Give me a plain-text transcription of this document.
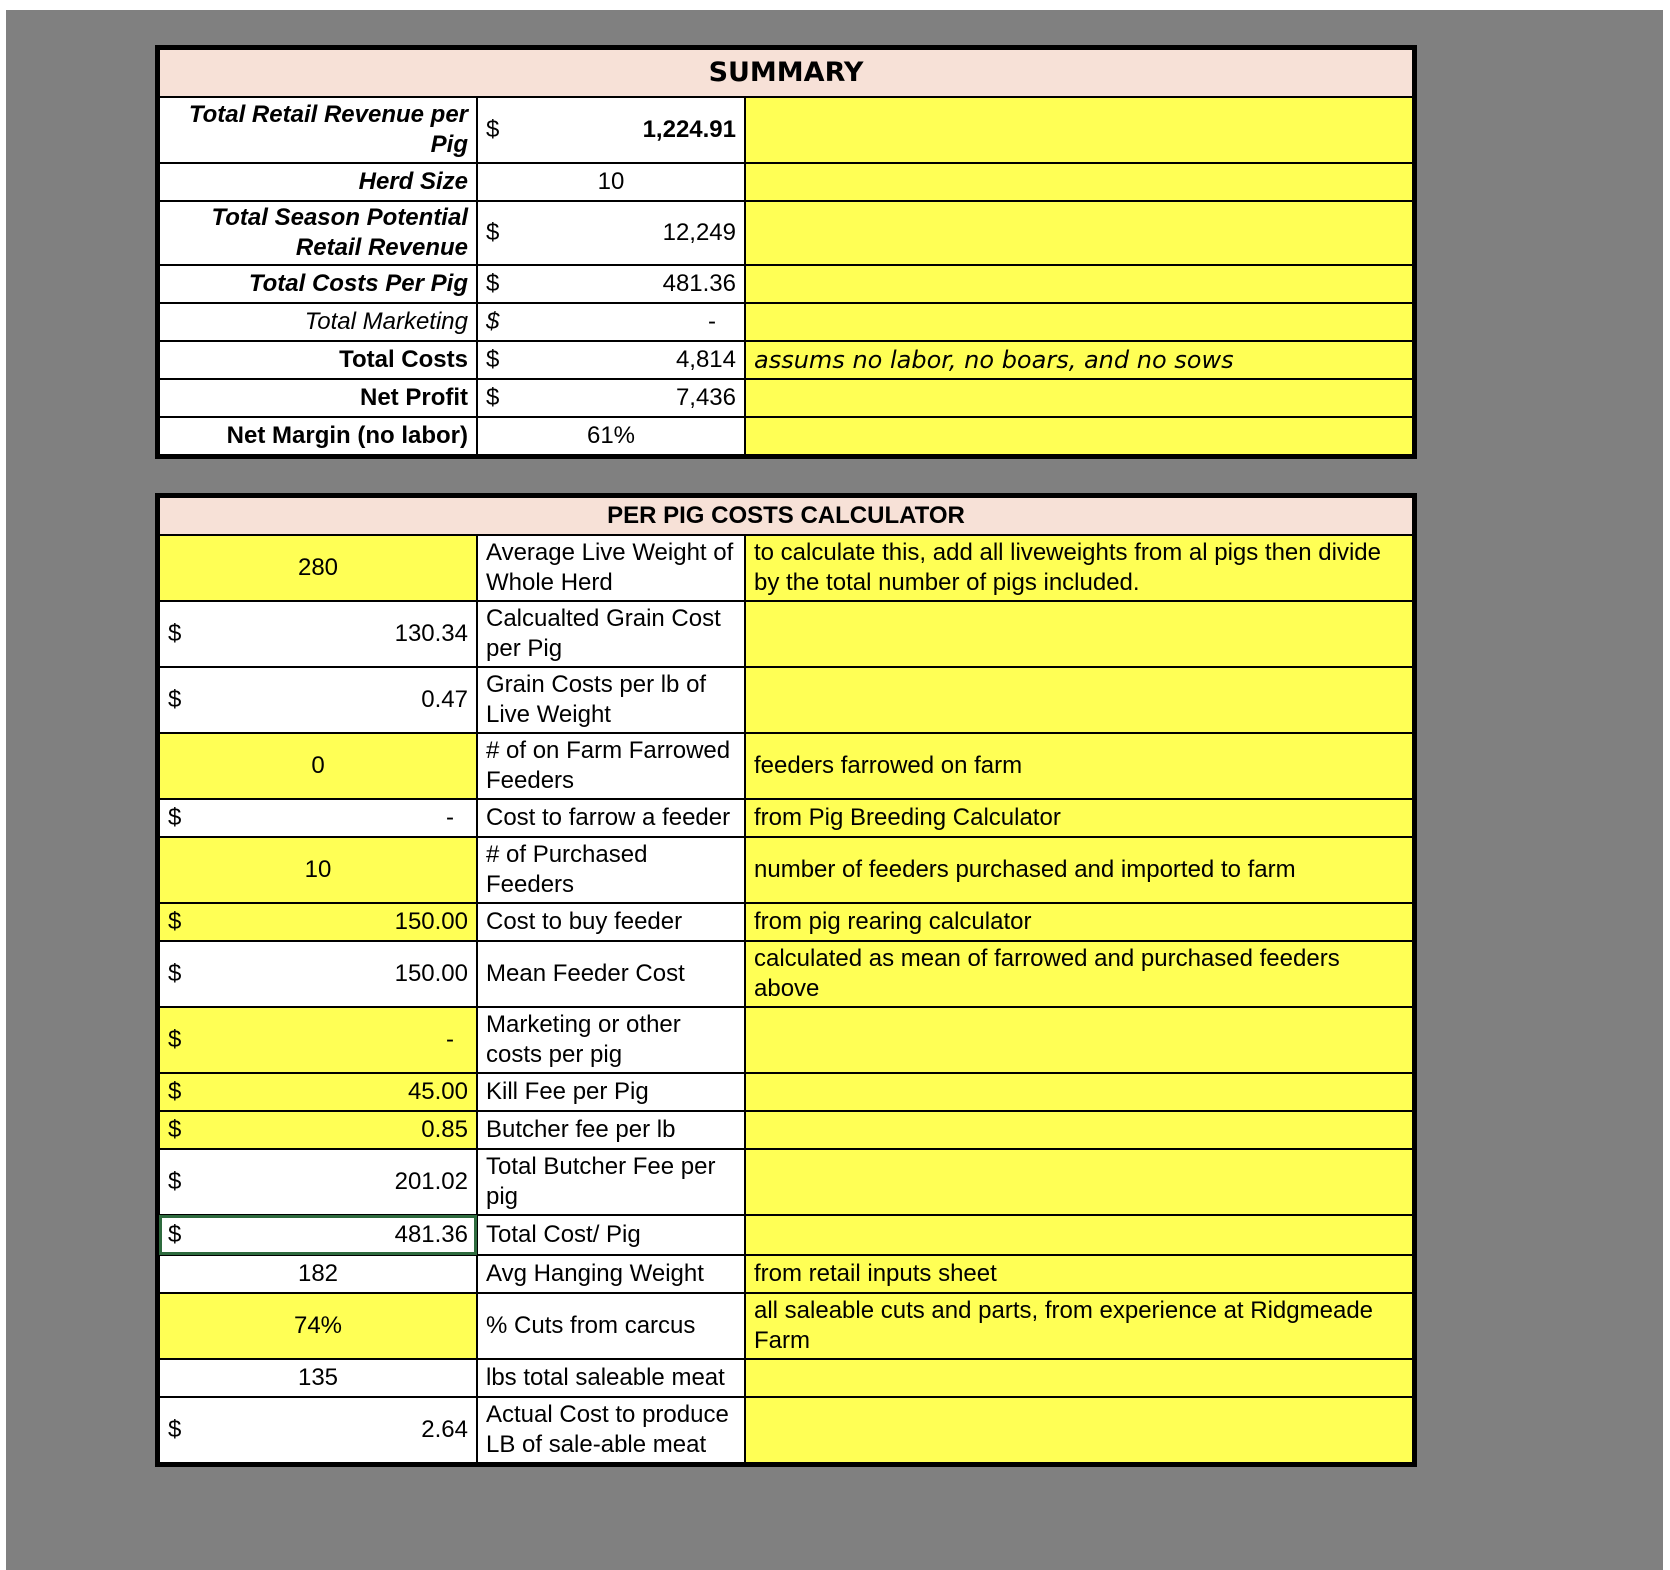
SUMMARY		
Total Retail Revenue per Pig	$ 1,224.91	

Herd Size	10	
Total Season Potential Retail Revenue	$ 12,249	

Total Costs Per Pig	$ 481.36	

Total Marketing	$ -	

Total Costs	$ 4,814	assums no labor, no boars, and no sows
Net Profit	$ 7,436	

Net Margin (no labor)	61%	
PER PIG COSTS CALCULATOR		
280	Average Live Weight of Whole Herd	to calculate this, add all liveweights from al pigs then divide by the total number of pigs included.

$ 130.34	Calcualted Grain Cost per Pig	

$ 0.47	Grain Costs per lb of Live Weight	
0	# of on Farm Farrowed Feeders	feeders farrowed on farm

$ -	Cost to farrow a feeder	from Pig Breeding Calculator
10	# of Purchased Feeders	number of feeders purchased and imported to farm

$ 150.00	Cost to buy feeder	from pig rearing calculator

$ 150.00	Mean Feeder Cost	calculated as mean of farrowed and purchased feeders above

$ -	Marketing or other costs per pig	

$ 45.00	Kill Fee per Pig	

$ 0.85	Butcher fee per lb	

$ 201.02	Total Butcher Fee per pig	

$ 481.36	Total Cost/ Pig	
182	Avg Hanging Weight	from retail inputs sheet
74%	% Cuts from carcus	all saleable cuts and parts, from experience at Ridgmeade Farm
135	lbs total saleable meat	

$ 2.64	Actual Cost to produce LB of sale-able meat	
